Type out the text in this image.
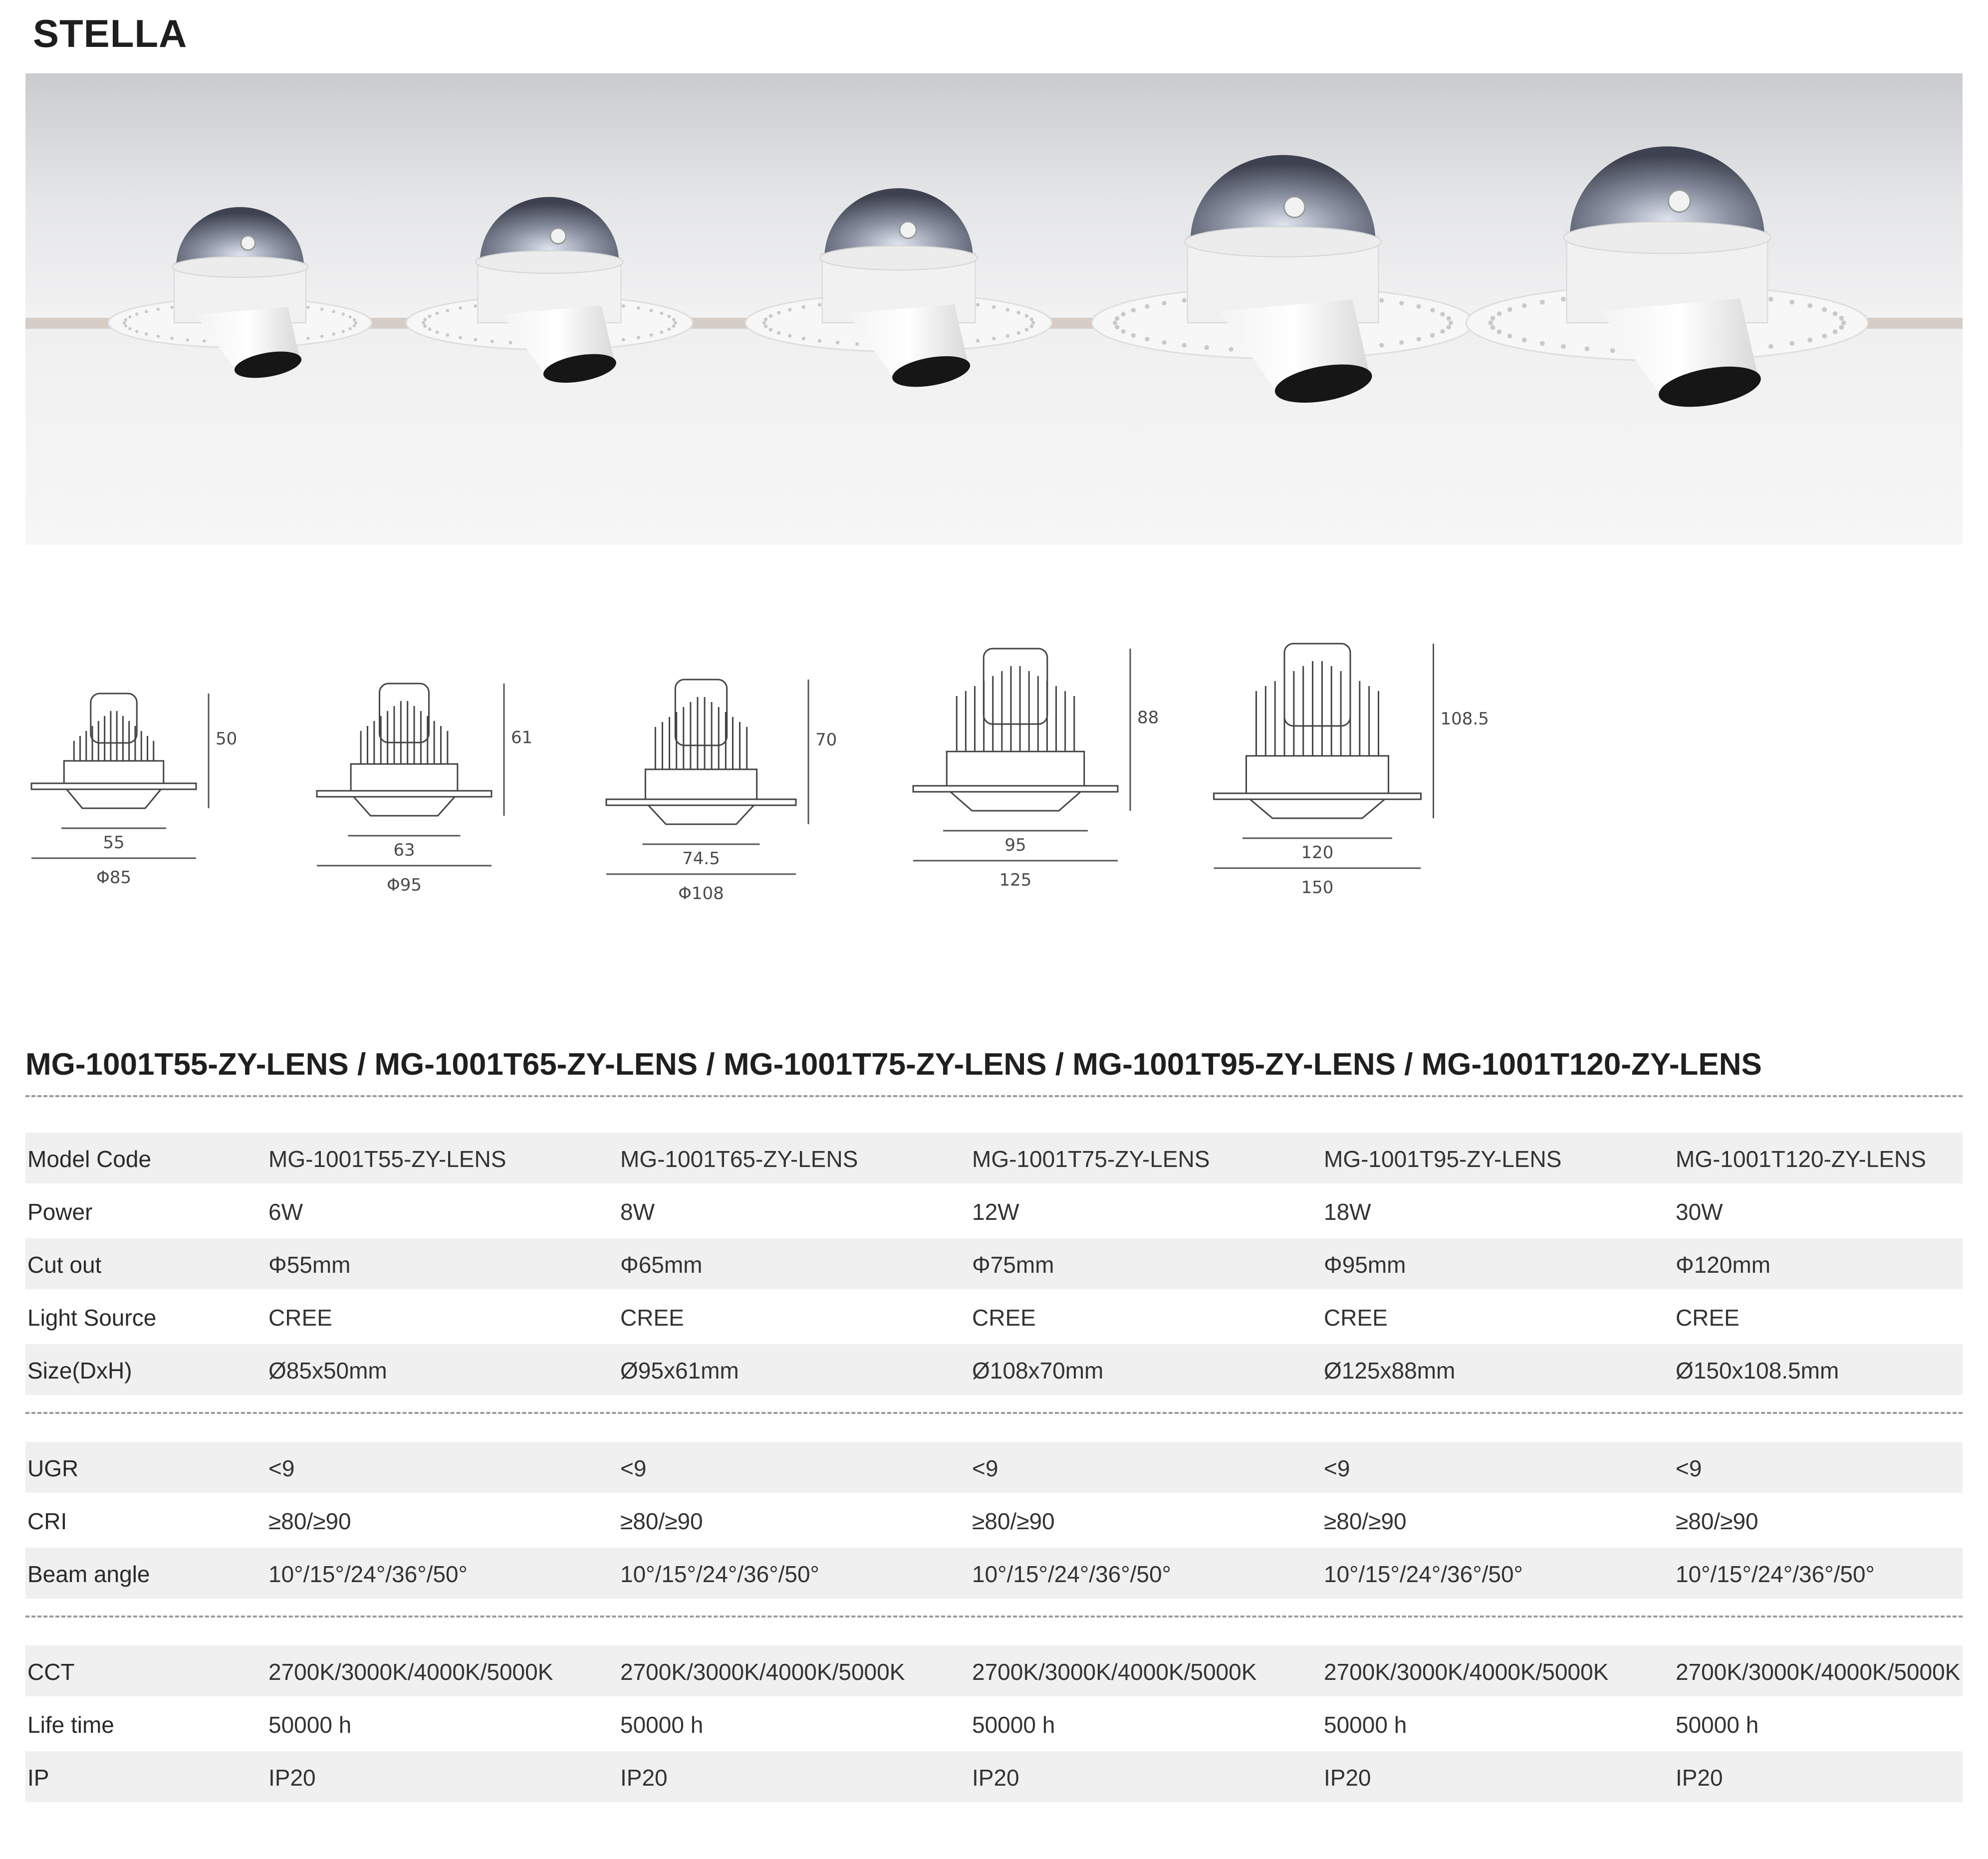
STELLA
50
55
Φ85
61
63
Φ95
70
74.5
Φ108
88
95
125
108.5
120
150
MG-1001T55-ZY-LENS / MG-1001T65-ZY-LENS / MG-1001T75-ZY-LENS / MG-1001T95-ZY-LENS / MG-1001T120-ZY-LENS
Model Code	MG-1001T55-ZY-LENS	MG-1001T65-ZY-LENS	MG-1001T75-ZY-LENS	MG-1001T95-ZY-LENS	MG-1001T120-ZY-LENS
Power	6W	8W	12W	18W	30W
Cut out	Φ55mm	Φ65mm	Φ75mm	Φ95mm	Φ120mm
Light Source	CREE	CREE	CREE	CREE	CREE
Size(DxH)	Ø85x50mm	Ø95x61mm	Ø108x70mm	Ø125x88mm	Ø150x108.5mm
UGR	<9	<9	<9	<9	<9
CRI	≥80/≥90	≥80/≥90	≥80/≥90	≥80/≥90	≥80/≥90
Beam angle	10°/15°/24°/36°/50°	10°/15°/24°/36°/50°	10°/15°/24°/36°/50°	10°/15°/24°/36°/50°	10°/15°/24°/36°/50°
CCT	2700K/3000K/4000K/5000K	2700K/3000K/4000K/5000K	2700K/3000K/4000K/5000K	2700K/3000K/4000K/5000K	2700K/3000K/4000K/5000K
Life time	50000 h	50000 h	50000 h	50000 h	50000 h
IP	IP20	IP20	IP20	IP20	IP20
